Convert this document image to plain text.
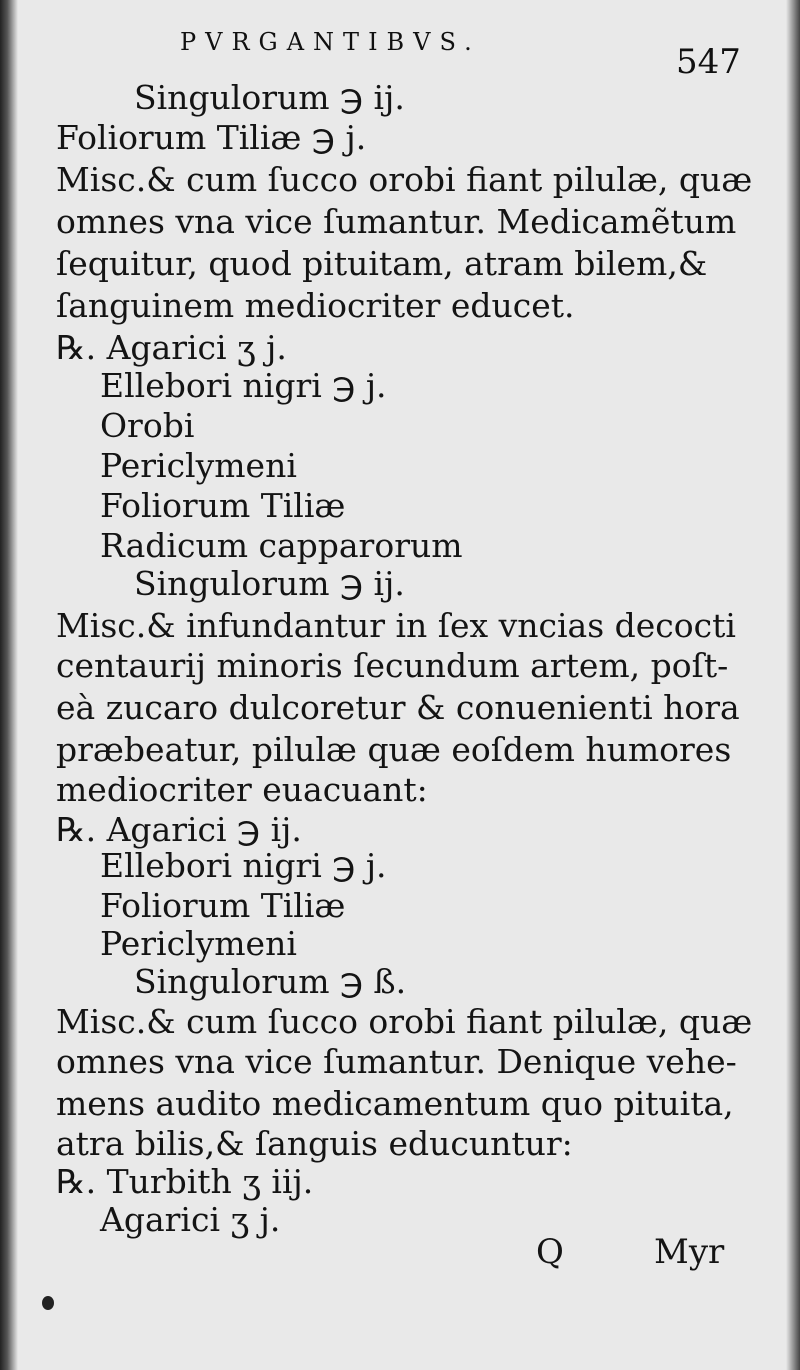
PVRGANTIBVS.	547
Singulorum ℈ ij.
Foliorum Tiliæ ℈ j.
Misc.& cum ſucco orobi fiant pilulæ, quæ
omnes vna vice ſumantur. Medicamẽtum
ſequitur, quod pituitam, atram bilem,&
ſanguinem mediocriter educet.
℞. Agarici ʒ j.
Ellebori nigri ℈ j.
Orobi
Periclymeni
Foliorum Tiliæ
Radicum capparorum
Singulorum ℈ ij.
Misc.& infundantur in ſex vncias decocti
centaurij minoris ſecundum artem, poſt-
eà zucaro dulcoretur & conuenienti hora
præbeatur, pilulæ quæ eoſdem humores
mediocriter euacuant:
℞. Agarici ℈ ij.
Ellebori nigri ℈ j.
Foliorum Tiliæ
Periclymeni
Singulorum ℈ ß.
Misc.& cum ſucco orobi fiant pilulæ, quæ
omnes vna vice ſumantur. Denique vehe-
mens audito medicamentum quo pituita,
atra bilis,& ſanguis educuntur:
℞. Turbith ʒ iij.
Agarici ʒ j.
Q	Myr
